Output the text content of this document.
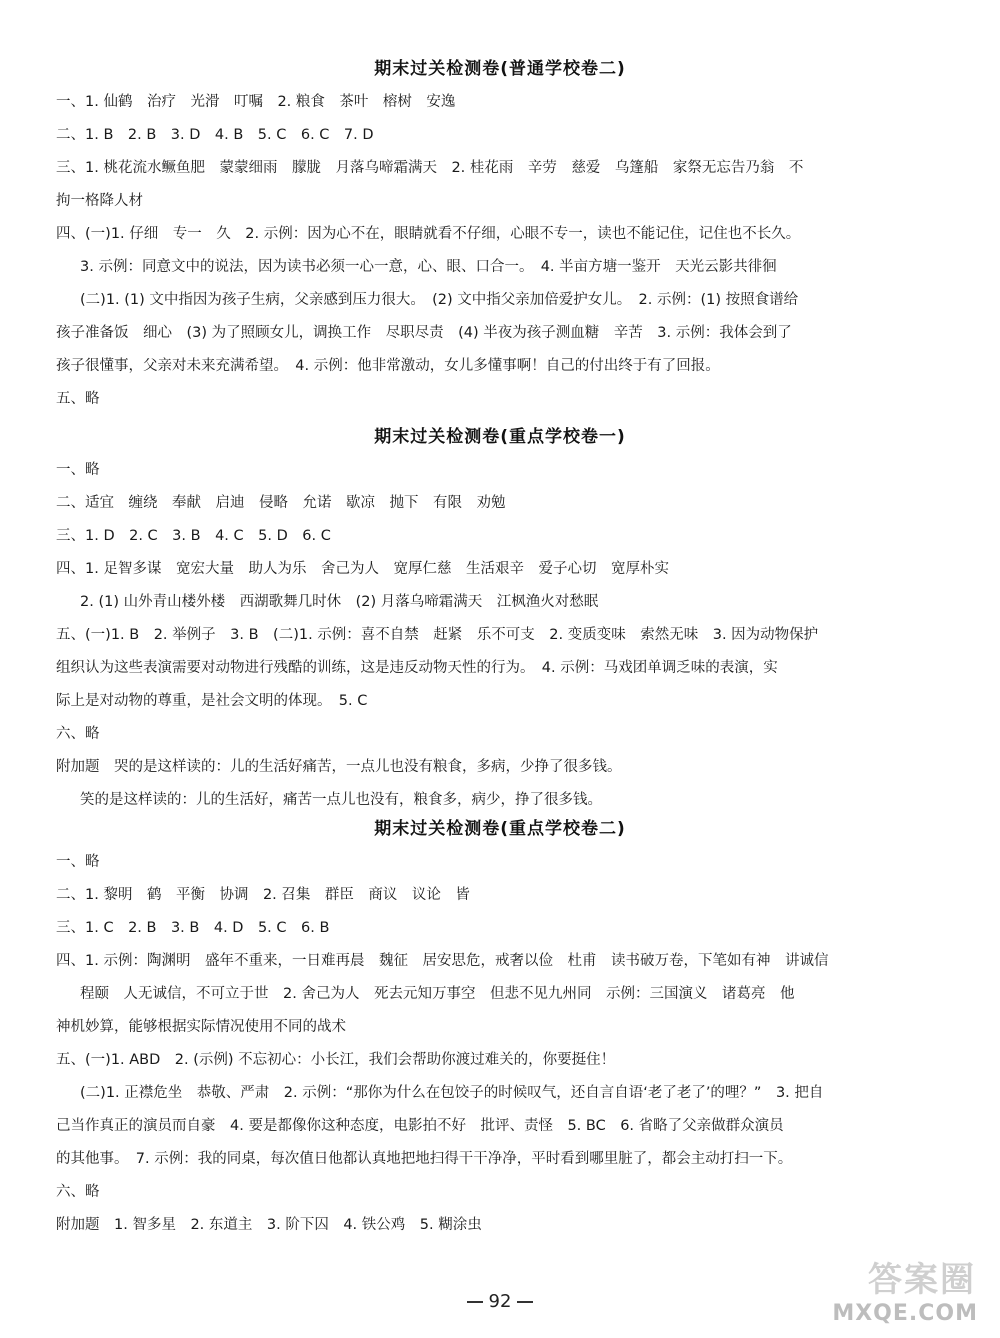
期末过关检测卷(普通学校卷二)
一、1. 仙鹤　治疗　光滑　叮嘱　2. 粮食　茶叶　榕树　安逸
二、1. B　2. B　3. D　4. B　5. C　6. C　7. D
三、1. 桃花流水鳜鱼肥　蒙蒙细雨　朦胧　月落乌啼霜满天　2. 桂花雨　辛劳　慈爱　乌篷船　家祭无忘告乃翁　不
拘一格降人材
四、(一)1. 仔细　专一　久　2. 示例：因为心不在，眼睛就看不仔细，心眼不专一，读也不能记住，记住也不长久。
3. 示例：同意文中的说法，因为读书必须一心一意，心、眼、口合一。　4. 半亩方塘一鉴开　天光云影共徘徊
(二)1. (1) 文中指因为孩子生病，父亲感到压力很大。　(2) 文中指父亲加倍爱护女儿。　2. 示例：(1) 按照食谱给
孩子准备饭　细心　(3) 为了照顾女儿，调换工作　尽职尽责　(4) 半夜为孩子测血糖　辛苦　3. 示例：我体会到了
孩子很懂事，父亲对未来充满希望。　4. 示例：他非常激动，女儿多懂事啊！自己的付出终于有了回报。
五、略
期末过关检测卷(重点学校卷一)
一、略
二、适宜　缠绕　奉献　启迪　侵略　允诺　歇凉　抛下　有限　劝勉
三、1. D　2. C　3. B　4. C　5. D　6. C
四、1. 足智多谋　宽宏大量　助人为乐　舍己为人　宽厚仁慈　生活艰辛　爱子心切　宽厚朴实
2. (1) 山外青山楼外楼　西湖歌舞几时休　(2) 月落乌啼霜满天　江枫渔火对愁眠
五、(一)1. B　2. 举例子　3. B　(二)1. 示例：喜不自禁　赶紧　乐不可支　2. 变质变味　索然无味　3. 因为动物保护
组织认为这些表演需要对动物进行残酷的训练，这是违反动物天性的行为。　4. 示例：马戏团单调乏味的表演，实
际上是对动物的尊重，是社会文明的体现。　5. C
六、略
附加题　哭的是这样读的：儿的生活好痛苦，一点儿也没有粮食，多病，少挣了很多钱。
笑的是这样读的：儿的生活好，痛苦一点儿也没有，粮食多，病少，挣了很多钱。
期末过关检测卷(重点学校卷二)
一、略
二、1. 黎明　鹤　平衡　协调　2. 召集　群臣　商议　议论　皆
三、1. C　2. B　3. B　4. D　5. C　6. B
四、1. 示例：陶渊明　盛年不重来，一日难再晨　魏征　居安思危，戒奢以俭　杜甫　读书破万卷，下笔如有神　讲诚信
程颐　人无诚信，不可立于世　2. 舍己为人　死去元知万事空　但悲不见九州同　示例：三国演义　诸葛亮　他
神机妙算，能够根据实际情况使用不同的战术
五、(一)1. ABD　2. (示例) 不忘初心：小长江，我们会帮助你渡过难关的，你要挺住！
(二)1. 正襟危坐　恭敬、严肃　2. 示例：“那你为什么在包饺子的时候叹气，还自言自语‘老了老了’的哩？”　3. 把自
己当作真正的演员而自豪　4. 要是都像你这种态度，电影拍不好　批评、责怪　5. BC　6. 省略了父亲做群众演员
的其他事。　7. 示例：我的同桌，每次值日他都认真地把地扫得干干净净，平时看到哪里脏了，都会主动打扫一下。
六、略
附加题　1. 智多星　2. 东道主　3. 阶下囚　4. 铁公鸡　5. 糊涂虫
92
答案圈
MXQE.COM
